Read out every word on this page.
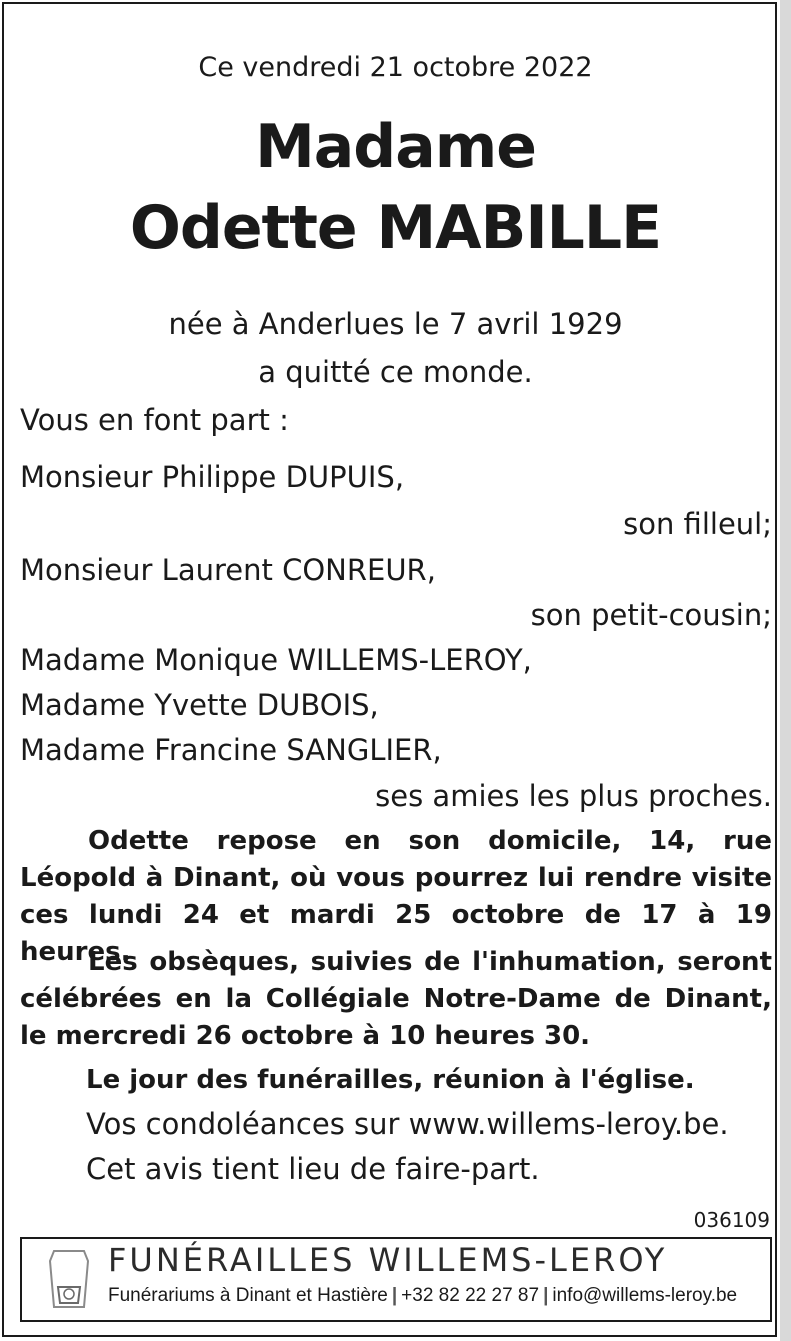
Ce vendredi 21 octobre 2022
Madame
Odette MABILLE
née à Anderlues le 7 avril 1929
a quitté ce monde.
Vous en font part :
Monsieur Philippe DUPUIS,
son filleul;
Monsieur Laurent CONREUR,
son petit-cousin;
Madame Monique WILLEMS-LEROY,
Madame Yvette DUBOIS,
Madame Francine SANGLIER,
ses amies les plus proches.
Odette repose en son domicile, 14, rue Léopold à Dinant, où vous pourrez lui rendre visite ces lundi 24 et mardi 25 octobre de 17 à 19 heures.
Les obsèques, suivies de l'inhumation, seront célébrées en la Collégiale Notre-Dame de Dinant, le mercredi 26 octobre à 10 heures 30.
Le jour des funérailles, réunion à l'église.
Vos condoléances sur www.willems-leroy.be.
Cet avis tient lieu de faire-part.
036109
FUNÉRAILLES WILLEMS-LEROY
Funérariums à Dinant et Hastière | +32 82 22 27 87 | info@willems-leroy.be
